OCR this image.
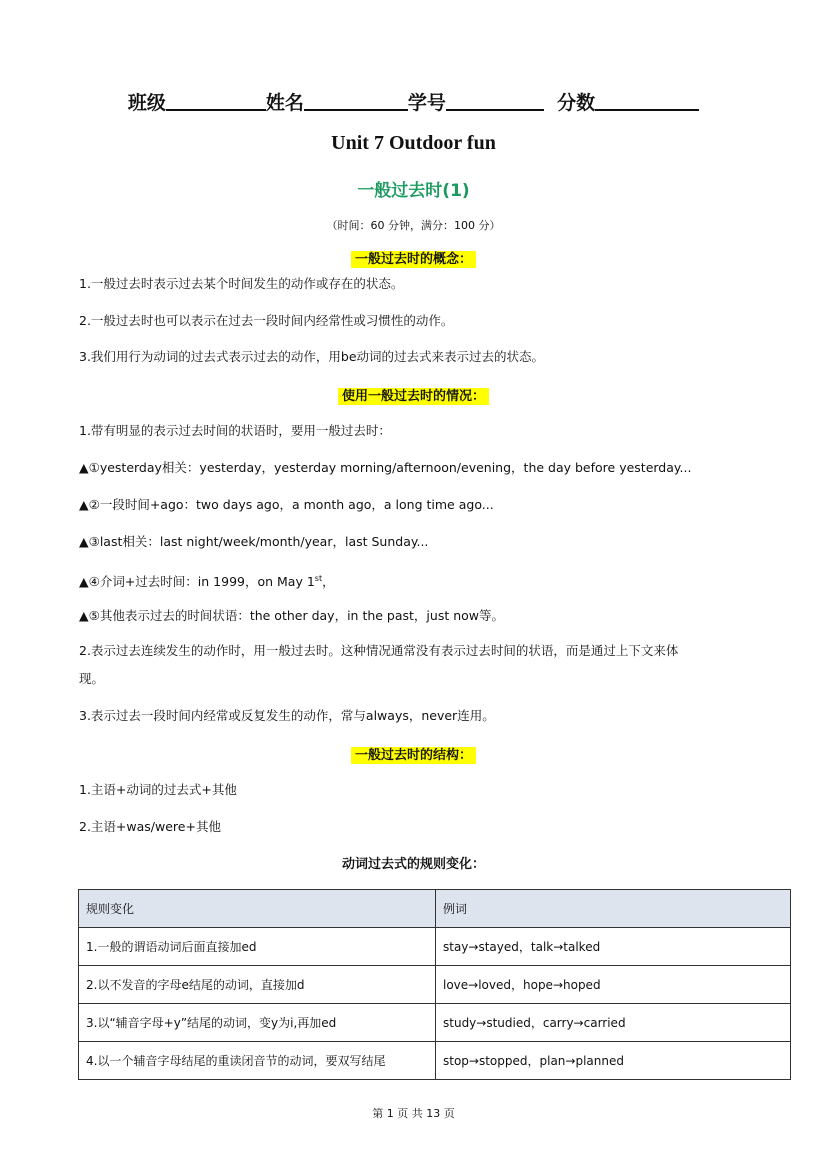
班级	姓名	学号	分数
Unit 7 Outdoor fun
一般过去时(1)
（时间：60 分钟，满分：100 分）
一般过去时的概念：
1.一般过去时表示过去某个时间发生的动作或存在的状态。
2.一般过去时也可以表示在过去一段时间内经常性或习惯性的动作。
3.我们用行为动词的过去式表示过去的动作，用be动词的过去式来表示过去的状态。
使用一般过去时的情况：
1.带有明显的表示过去时间的状语时，要用一般过去时：
▲①yesterday相关：yesterday，yesterday morning/afternoon/evening，the day before yesterday...
▲②一段时间+ago：two days ago，a month ago，a long time ago...
▲③last相关：last night/week/month/year，last Sunday...
▲④介词+过去时间：in 1999，on May 1st，
▲⑤其他表示过去的时间状语：the other day，in the past，just now等。
2.表示过去连续发生的动作时，用一般过去时。这种情况通常没有表示过去时间的状语，而是通过上下文来体
现。
3.表示过去一段时间内经常或反复发生的动作，常与always，never连用。
一般过去时的结构：
1.主语+动词的过去式+其他
2.主语+was/were+其他
动词过去式的规则变化：
规则变化	例词
1.一般的谓语动词后面直接加ed	stay→stayed，talk→talked
2.以不发音的字母e结尾的动词，直接加d	love→loved，hope→hoped
3.以“辅音字母+y”结尾的动词，变y为i,再加ed	study→studied，carry→carried
4.以一个辅音字母结尾的重读闭音节的动词，要双写结尾	stop→stopped，plan→planned
第 1 页 共 13 页
